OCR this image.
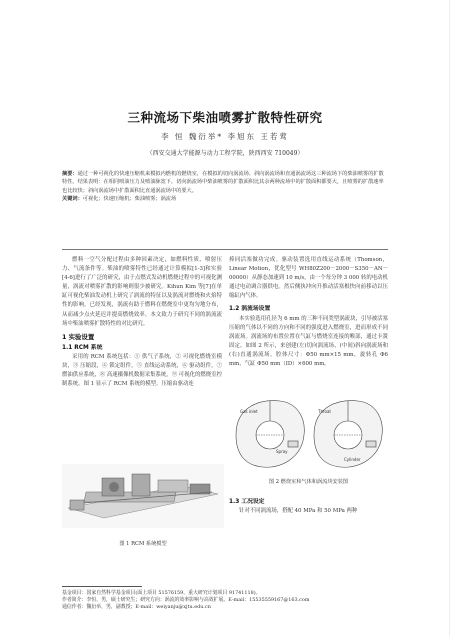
三种流场下柴油喷雾扩散特性研究
李 恒 魏衍举* 李旭东 王若莺
（西安交通大学能源与动力工程学院，陕西西安 710049）
摘要：通过一种可视化的快速压缩机来模拟内燃机的燃烧室，在模拟的切向涡流场、斜向涡流场和直通涡流场这三种流场下的柴油喷雾的扩散特性。结果表明：在相同喷油压力及喷油脉宽下，切向涡流场中柴油喷雾的扩散面积比其余两种流场中的扩散面积都要大，且喷雾的扩散速率也比较快；斜向涡流场中扩散面积比直通涡流场中的要大。
关键词：可视化；快速压缩机；柴油喷雾；涡流场

燃料一空气分配过程由多种因素决定，如燃料性质、喷射压力、气流条件等。柴油的喷雾特性已经通过计算模拟[1-3]和实验[4-6]进行了广泛的研究，由于点燃式发动机燃烧过程中的可视化测量，涡流对喷雾扩散的影响则很少被研究。Kihun Kim 等[7]在单缸可视化柴油发动机上研究了涡流的特征以及涡流对燃烧和火焰特性的影响。已经发现，涡流有助于燃料在燃烧室中更均匀地分布，从而减少点火延迟并提高燃烧效率。本文致力于研究不同的涡流流场中柴油喷雾扩散特性的对比研究。

1 实验设置
1.1 RCM 系统

采用的 RCM 系统包括：① 供气子系统，② 可视化燃烧室模块，③ 压缩段，④ 锁定组件，⑤ 直线运动系统，⑥ 驱动组件，⑦ 燃油供应系统，⑧ 高速摄像机数据采集系统，⑨ 可视化的燃烧室控制系统。图 1 显示了 RCM 系统的模型。压缩由驱动连

图 1 RCM 系统模型

捧同活塞做功完成。驱动装置选用直线运动系统（Thomson，Linear Motion，优化型号 WH80Z200－2000－S350－AN－00000）从静态加速到 10 m/s，由一个每分钟 3 000 转的电动机通过电动调合器供电。然后侧执冲向升推动活塞根快向前移动以压缩缸内气体。

1.2 涡流场设置

本实验选用孔径为 6 mm 的三种不同类型涡流块，引导被活塞压缩的气体以不同的方向和不同的强度进入燃烧室，进而形成不同涡流场。涡流场的布置位置在气缸与燃烧室连接的喉部，通过卡簧固定。如图 2 所示，来创建(左)切向涡流场、(中间)斜向涡流场和(右)直通涡流场。腔体尺寸：Φ50 mm×15 mm，旋转孔 Φ6 mm，气缸 Φ50 mm（ID）×600 mm。

Gas inlet
Spray
Throat
Cylinder
图 2 燃烧室和气体和涡流块安装图
1.3 工况设定

针对不同涡流场，搭配 40 MPa 和 50 MPa 两种

基金项目：国家自然科学基金项目(面上项目 51576159，重大研究计划项目 91741118)。
作者简介：李恒，男，硕士研究生；研究方向：涡流的效率影响与高效扩展。E-mail：15535559167@163.com
通信作者：魏衍举，男，副教授；E-mail：weiyanju@xjtu.edu.cn
